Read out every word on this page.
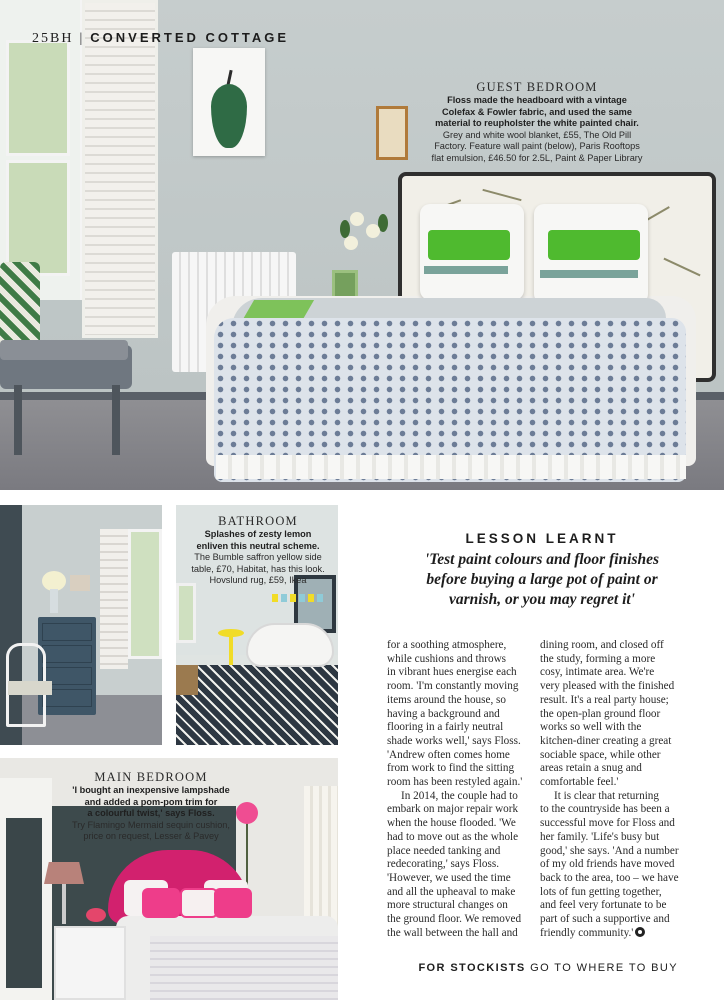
25BH | CONVERTED COTTAGE
GUEST BEDROOM
Floss made the headboard with a vintage
Colefax & Fowler fabric, and used the same
material to reupholster the white painted chair.
Grey and white wool blanket, £55, The Old Pill
Factory. Feature wall paint (below), Paris Rooftops
flat emulsion, £46.50 for 2.5L, Paint & Paper Library
BATHROOM
Splashes of zesty lemon
enliven this neutral scheme.
The Bumble saffron yellow side
table, £70, Habitat, has this look.
Hovslund rug, £59, Ikea
MAIN BEDROOM
'I bought an inexpensive lampshade
and added a pom-pom trim for
a colourful twist,' says Floss.
Try Flamingo Mermaid sequin cushion,
price on request, Lesser & Pavey
LESSON LEARNT
'Test paint colours and floor finishes
before buying a large pot of paint or
varnish, or you may regret it'

for a soothing atmosphere,
while cushions and throws
in vibrant hues energise each
room. 'I'm constantly moving
items around the house, so
having a background and
flooring in a fairly neutral
shade works well,' says Floss.
'Andrew often comes home
from work to find the sitting
room has been restyled again.'

In 2014, the couple had to
embark on major repair work
when the house flooded. 'We
had to move out as the whole
place needed tanking and
redecorating,' says Floss.
'However, we used the time
and all the upheaval to make
more structural changes on
the ground floor. We removed
the wall between the hall and

dining room, and closed off
the study, forming a more
cosy, intimate area. We're
very pleased with the finished
result. It's a real party house;
the open-plan ground floor
works so well with the
kitchen-diner creating a great
sociable space, while other
areas retain a snug and
comfortable feel.'

It is clear that returning
to the countryside has been a
successful move for Floss and
her family. 'Life's busy but
good,' she says. 'And a number
of my old friends have moved
back to the area, too – we have
lots of fun getting together,
and feel very fortunate to be
part of such a supportive and
friendly community.'

FOR STOCKISTS GO TO WHERE TO BUY
